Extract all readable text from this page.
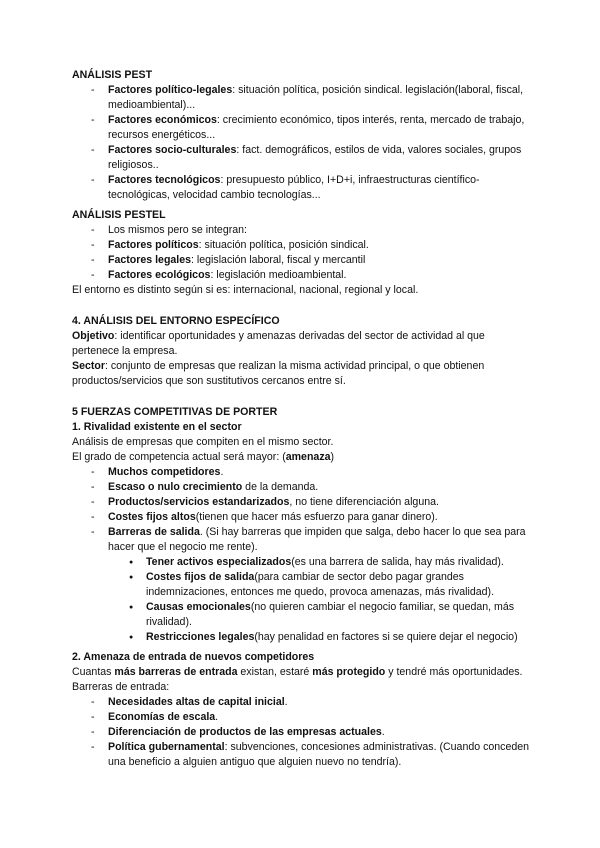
ANÁLISIS PEST

- Factores político-legales: situación política, posición sindical. legislación(laboral, fiscal, medioambiental)...
- Factores económicos: crecimiento económico, tipos interés, renta, mercado de trabajo, recursos energéticos...
- Factores socio-culturales: fact. demográficos, estilos de vida, valores sociales, grupos religiosos..
- Factores tecnológicos: presupuesto público, I+D+i, infraestructuras científico-tecnológicas, velocidad cambio tecnologías...

ANÁLISIS PESTEL

- Los mismos pero se integran:
- Factores políticos: situación política, posición sindical.
- Factores legales: legislación laboral, fiscal y mercantil
- Factores ecológicos: legislación medioambiental.

El entorno es distinto según si es: internacional, nacional, regional y local.

4. ANÁLISIS DEL ENTORNO ESPECÍFICO

Objetivo: identificar oportunidades y amenazas derivadas del sector de actividad al que pertenece la empresa.

Sector: conjunto de empresas que realizan la misma actividad principal, o que obtienen productos/servicios que son sustitutivos cercanos entre sí.

5 FUERZAS COMPETITIVAS DE PORTER

1. Rivalidad existente en el sector

Análisis de empresas que compiten en el mismo sector.

El grado de competencia actual será mayor: (amenaza)

- Muchos competidores.
- Escaso o nulo crecimiento de la demanda.
- Productos/servicios estandarizados, no tiene diferenciación alguna.
- Costes fijos altos(tienen que hacer más esfuerzo para ganar dinero).
- Barreras de salida. (Si hay barreras que impiden que salga, debo hacer lo que sea para hacer que el negocio me rente).
● Tener activos especializados(es una barrera de salida, hay más rivalidad).
● Costes fijos de salida(para cambiar de sector debo pagar grandes indemnizaciones, entonces me quedo, provoca amenazas, más rivalidad).
● Causas emocionales(no quieren cambiar el negocio familiar, se quedan, más rivalidad).
● Restricciones legales(hay penalidad en factores si se quiere dejar el negocio)

2. Amenaza de entrada de nuevos competidores

Cuantas más barreras de entrada existan, estaré más protegido y tendré más oportunidades. Barreras de entrada:

- Necesidades altas de capital inicial.
- Economías de escala.
- Diferenciación de productos de las empresas actuales.
- Política gubernamental: subvenciones, concesiones administrativas. (Cuando conceden una beneficio a alguien antiguo que alguien nuevo no tendría).
